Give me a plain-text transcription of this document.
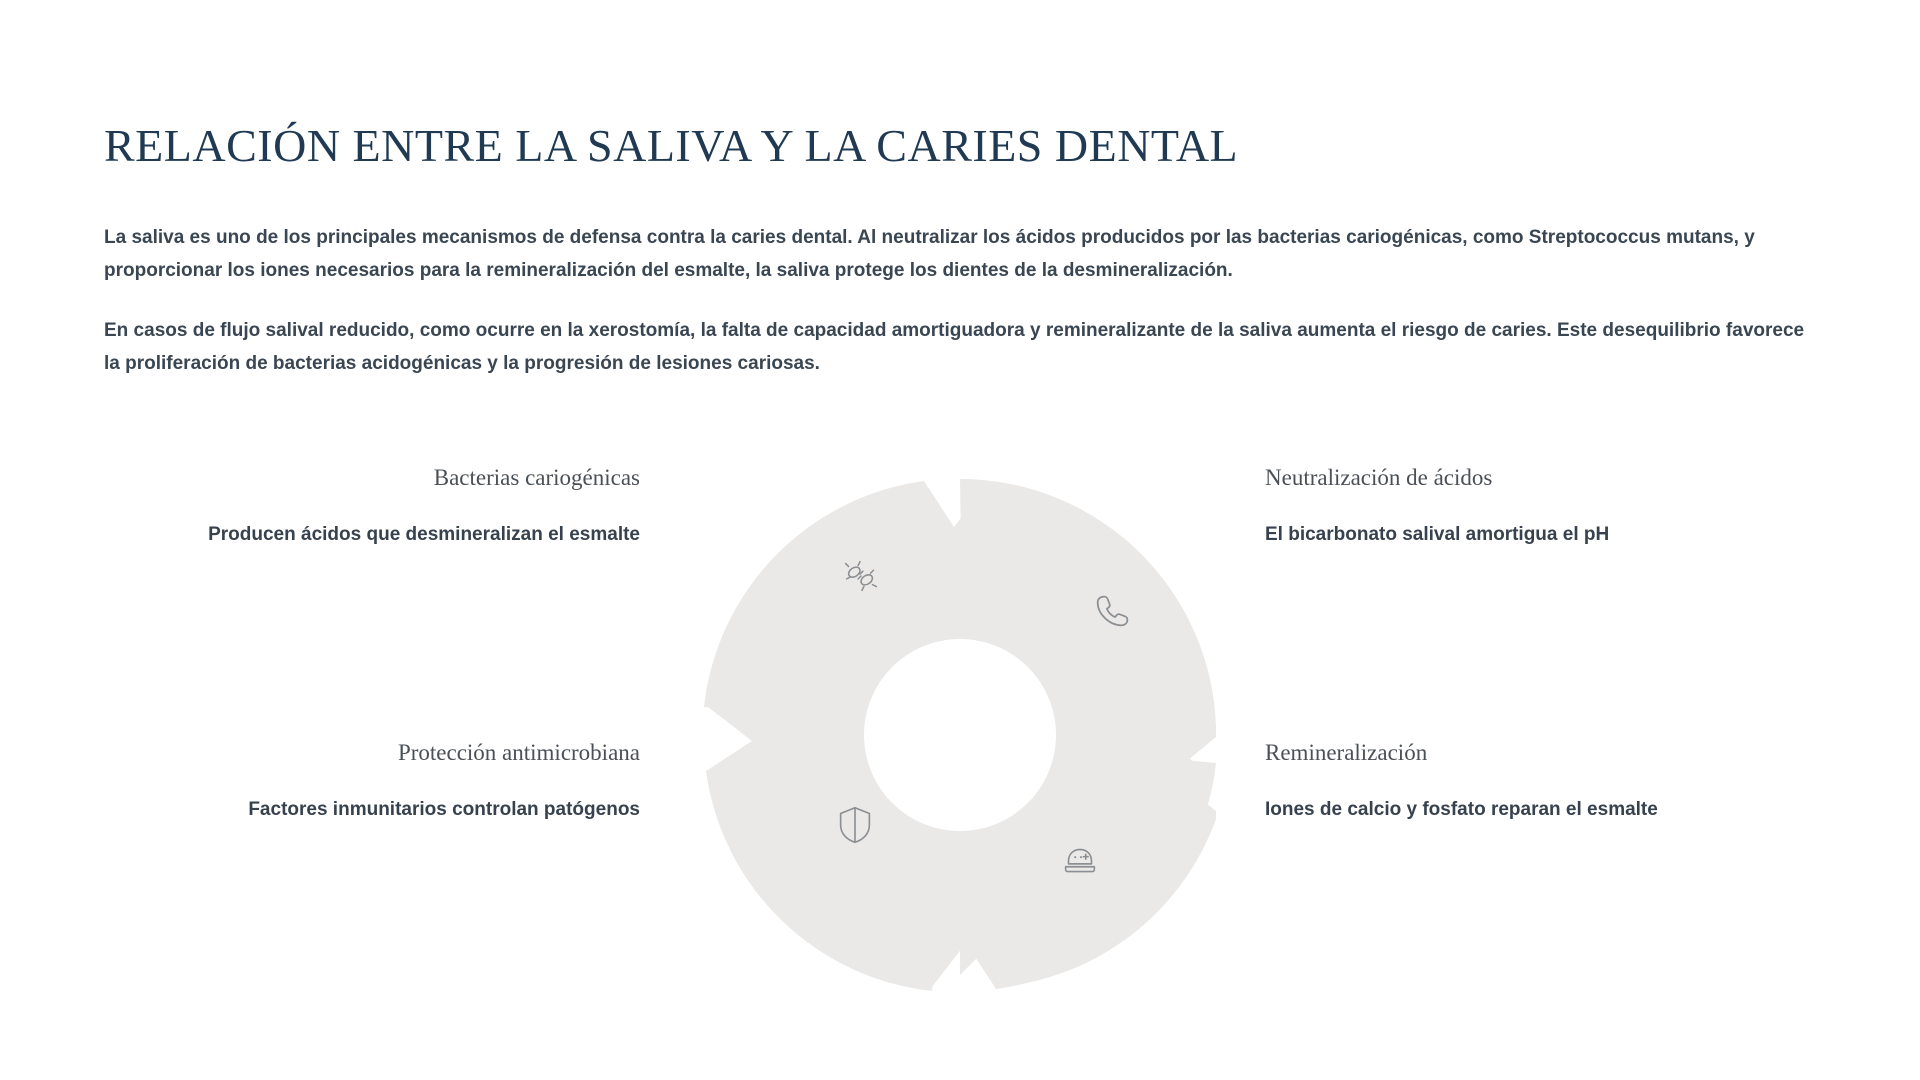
RELACIÓN ENTRE LA SALIVA Y LA CARIES DENTAL

La saliva es uno de los principales mecanismos de defensa contra la caries dental. Al neutralizar los ácidos producidos por las bacterias cariogénicas, como Streptococcus mutans, y proporcionar los iones necesarios para la remineralización del esmalte, la saliva protege los dientes de la desmineralización.

En casos de flujo salival reducido, como ocurre en la xerostomía, la falta de capacidad amortiguadora y remineralizante de la saliva aumenta el riesgo de caries. Este desequilibrio favorece la proliferación de bacterias acidogénicas y la progresión de lesiones cariosas.

Bacterias cariogénicas
Producen ácidos que desmineralizan el esmalte
Protección antimicrobiana
Factores inmunitarios controlan patógenos
Neutralización de ácidos
El bicarbonato salival amortigua el pH
Remineralización
Iones de calcio y fosfato reparan el esmalte
